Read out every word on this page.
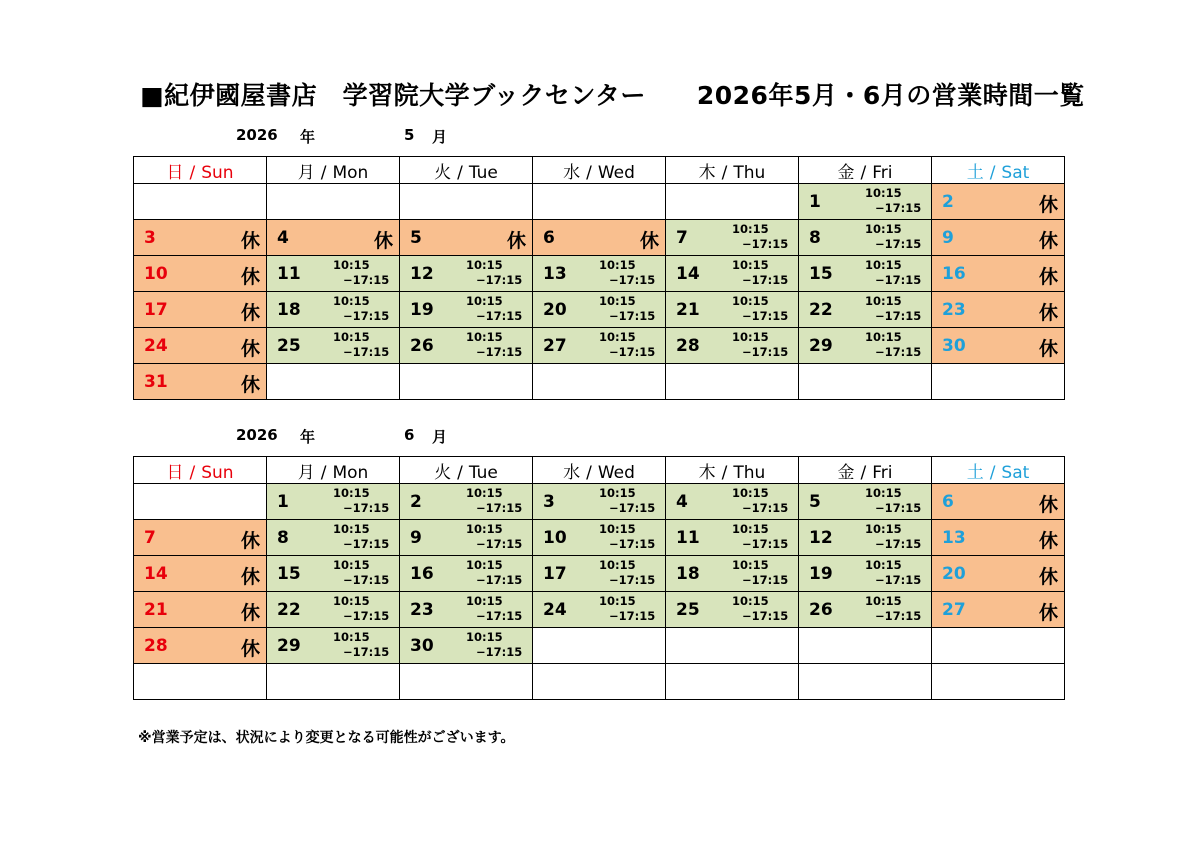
■紀伊國屋書店　学習院大学ブックセンター　　2026年5月・6月の営業時間一覧

2026

年

	5

月

日 / Sun	月 / Mon	火 / Tue	水 / Wed	木 / Thu	金 / Fri	土 / Sat

					1 10:15
−17:15	2 休

3 休	4 休	5 休	6 休	7 10:15
−17:15	8 10:15
−17:15	9 休

10 休	11 10:15
−17:15	12 10:15
−17:15	13 10:15
−17:15	14 10:15
−17:15	15 10:15
−17:15	16 休

17 休	18 10:15
−17:15	19 10:15
−17:15	20 10:15
−17:15	21 10:15
−17:15	22 10:15
−17:15	23 休

24 休	25 10:15
−17:15	26 10:15
−17:15	27 10:15
−17:15	28 10:15
−17:15	29 10:15
−17:15	30 休

31 休						

2026

年

	6

月

日 / Sun	月 / Mon	火 / Tue	水 / Wed	木 / Thu	金 / Fri	土 / Sat

	1 10:15
−17:15	2 10:15
−17:15	3 10:15
−17:15	4 10:15
−17:15	5 10:15
−17:15	6 休

7 休	8 10:15
−17:15	9 10:15
−17:15	10 10:15
−17:15	11 10:15
−17:15	12 10:15
−17:15	13 休

14 休	15 10:15
−17:15	16 10:15
−17:15	17 10:15
−17:15	18 10:15
−17:15	19 10:15
−17:15	20 休

21 休	22 10:15
−17:15	23 10:15
−17:15	24 10:15
−17:15	25 10:15
−17:15	26 10:15
−17:15	27 休

28 休	29 10:15
−17:15	30 10:15
−17:15				

※営業予定は、状況により変更となる可能性がございます。
